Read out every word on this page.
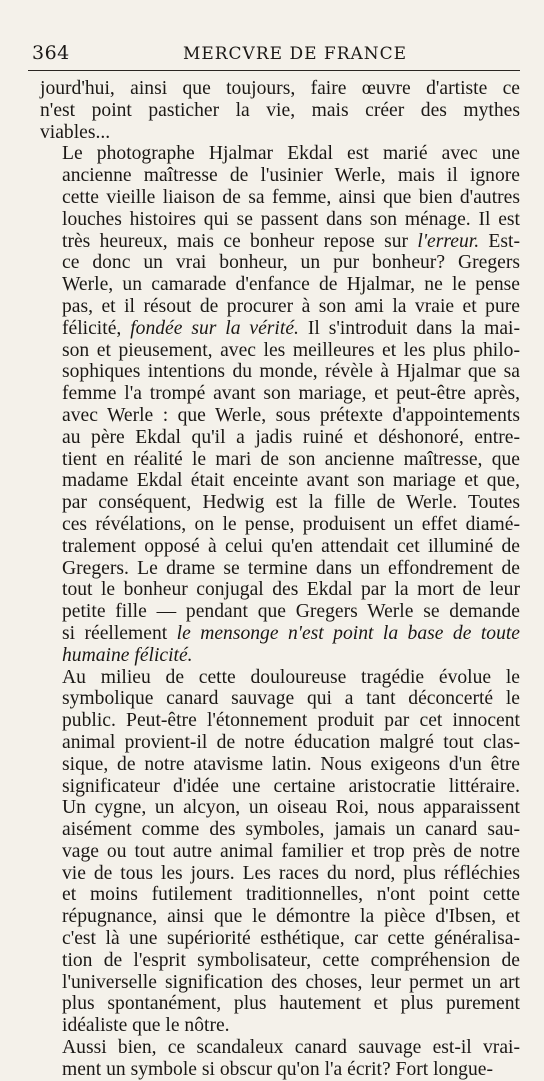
364	MERCVRE DE FRANCE

jourd'hui, ainsi que toujours, faire œuvre d'artiste ce
n'est point pasticher la vie, mais créer des mythes
viables...

Le photographe Hjalmar Ekdal est marié avec une
ancienne maîtresse de l'usinier Werle, mais il ignore
cette vieille liaison de sa femme, ainsi que bien d'autres
louches histoires qui se passent dans son ménage. Il est
très heureux, mais ce bonheur repose sur l'erreur. Est-
ce donc un vrai bonheur, un pur bonheur? Gregers
Werle, un camarade d'enfance de Hjalmar, ne le pense
pas, et il résout de procurer à son ami la vraie et pure
félicité, fondée sur la vérité. Il s'introduit dans la mai-
son et pieusement, avec les meilleures et les plus philo-
sophiques intentions du monde, révèle à Hjalmar que sa
femme l'a trompé avant son mariage, et peut-être après,
avec Werle : que Werle, sous prétexte d'appointements
au père Ekdal qu'il a jadis ruiné et déshonoré, entre-
tient en réalité le mari de son ancienne maîtresse, que
madame Ekdal était enceinte avant son mariage et que,
par conséquent, Hedwig est la fille de Werle. Toutes
ces révélations, on le pense, produisent un effet diamé-
tralement opposé à celui qu'en attendait cet illuminé de
Gregers. Le drame se termine dans un effondrement de
tout le bonheur conjugal des Ekdal par la mort de leur
petite fille — pendant que Gregers Werle se demande
si réellement le mensonge n'est point la base de toute
humaine félicité.

Au milieu de cette douloureuse tragédie évolue le
symbolique canard sauvage qui a tant déconcerté le
public. Peut-être l'étonnement produit par cet innocent
animal provient-il de notre éducation malgré tout clas-
sique, de notre atavisme latin. Nous exigeons d'un être
significateur d'idée une certaine aristocratie littéraire.
Un cygne, un alcyon, un oiseau Roi, nous apparaissent
aisément comme des symboles, jamais un canard sau-
vage ou tout autre animal familier et trop près de notre
vie de tous les jours. Les races du nord, plus réfléchies
et moins futilement traditionnelles, n'ont point cette
répugnance, ainsi que le démontre la pièce d'Ibsen, et
c'est là une supériorité esthétique, car cette généralisa-
tion de l'esprit symbolisateur, cette compréhension de
l'universelle signification des choses, leur permet un art
plus spontanément, plus hautement et plus purement
idéaliste que le nôtre.

Aussi bien, ce scandaleux canard sauvage est-il vrai-
ment un symbole si obscur qu'on l'a écrit? Fort longue-
